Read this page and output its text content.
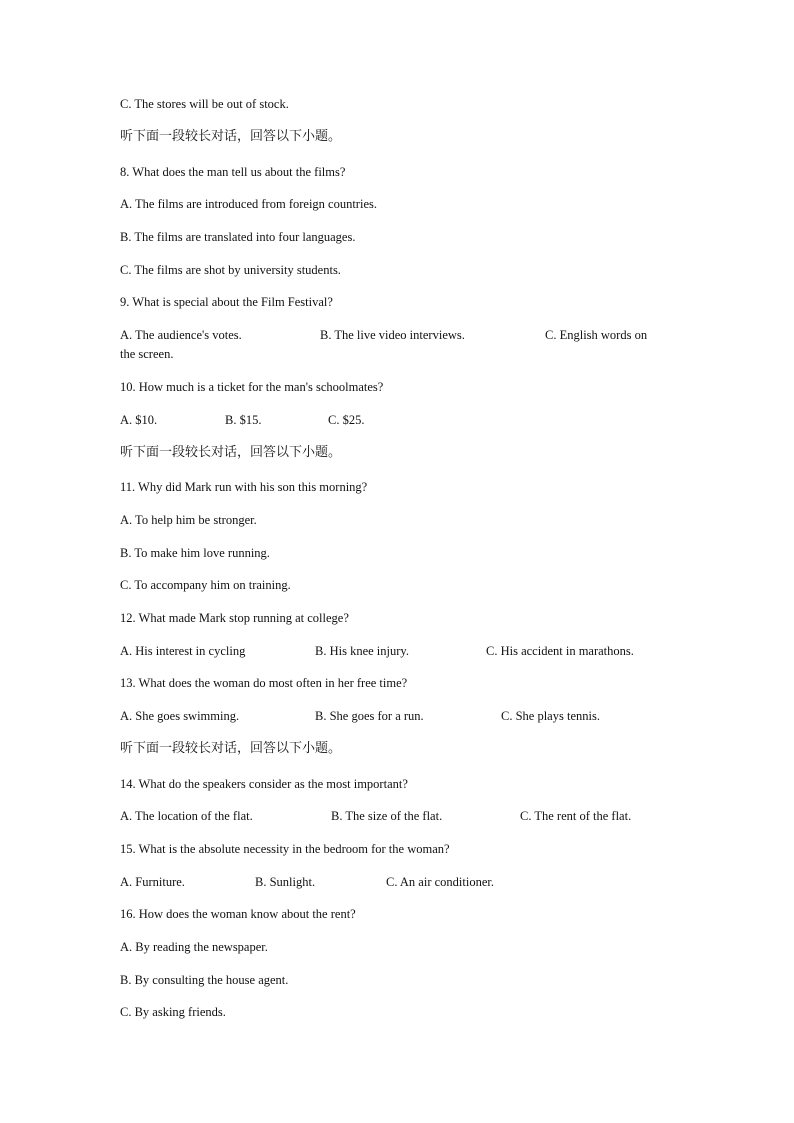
C. The stores will be out of stock.
听下面一段较长对话，回答以下小题。
8. What does the man tell us about the films?
A. The films are introduced from foreign countries.
B. The films are translated into four languages.
C. The films are shot by university students.
9. What is special about the Film Festival?
A. The audience's votes.	B. The live video interviews.	C. English words on
the screen.
10. How much is a ticket for the man's schoolmates?
A. $10.	B. $15.	C. $25.
听下面一段较长对话，回答以下小题。
11. Why did Mark run with his son this morning?
A. To help him be stronger.
B. To make him love running.
C. To accompany him on training.
12. What made Mark stop running at college?
A. His interest in cycling	B. His knee injury.	C. His accident in marathons.
13. What does the woman do most often in her free time?
A. She goes swimming.	B. She goes for a run.	C. She plays tennis.
听下面一段较长对话，回答以下小题。
14. What do the speakers consider as the most important?
A. The location of the flat.	B. The size of the flat.	C. The rent of the flat.
15. What is the absolute necessity in the bedroom for the woman?
A. Furniture.	B. Sunlight.	C. An air conditioner.
16. How does the woman know about the rent?
A. By reading the newspaper.
B. By consulting the house agent.
C. By asking friends.
